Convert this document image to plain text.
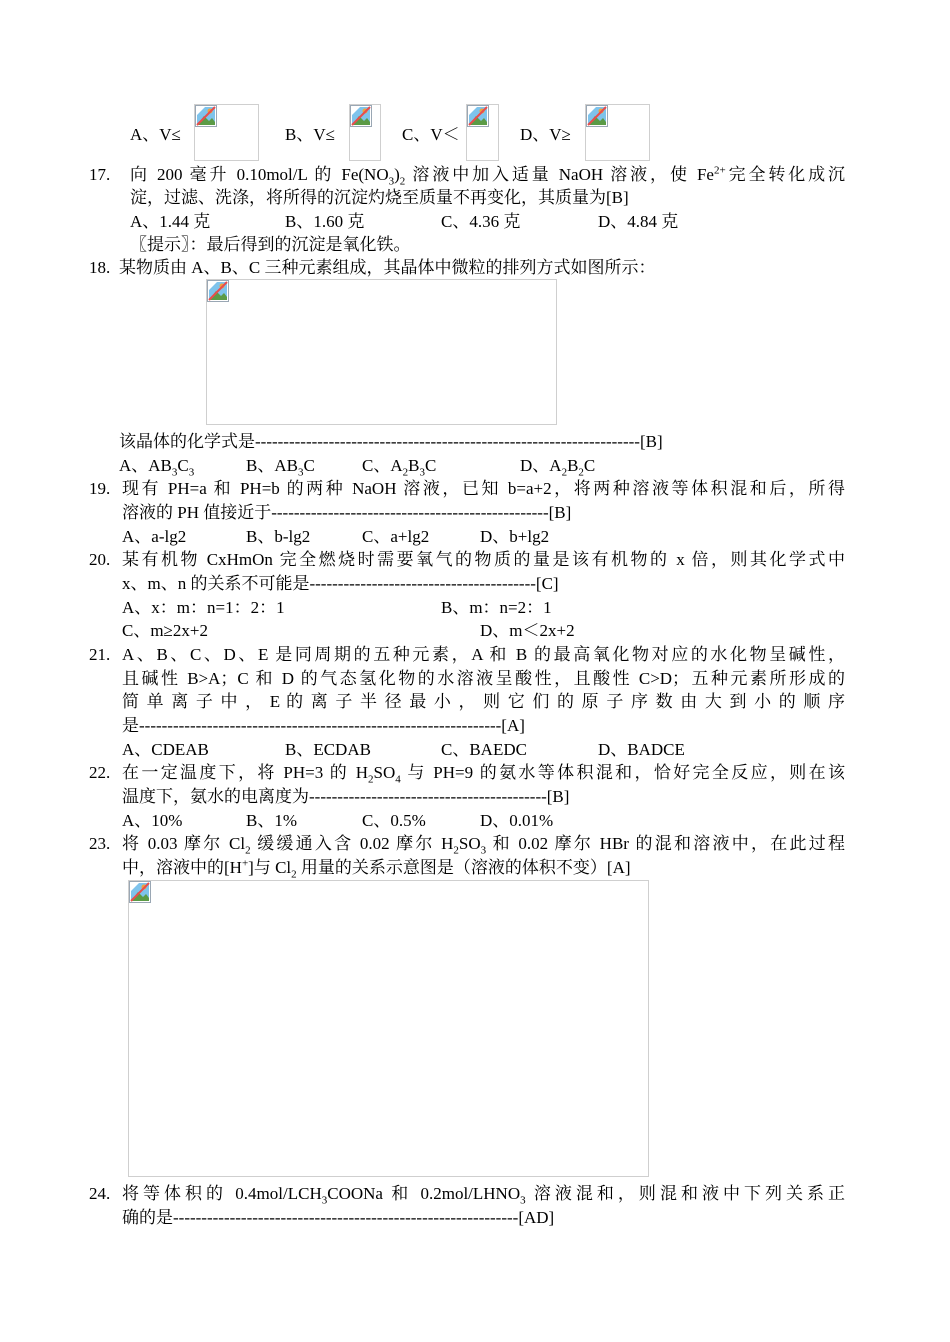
A、V≤	B、V≤	C、V＜	D、V≥
17. 向 200 毫升 0.10mol/L 的 $Fe(NO_3)_2$ 溶液中加入适量 NaOH 溶液，使 $Fe^{2+}$完全转化成沉
淀，过滤、洗涤，将所得的沉淀灼烧至质量不再变化，其质量为[B]
A、1.44 克	B、1.60 克	C、4.36 克	D、4.84 克
〖提示〗：最后得到的沉淀是氧化铁。
18. 某物质由 A、B、C 三种元素组成，其晶体中微粒的排列方式如图所示：
该晶体的化学式是--------------------------------------------------------------------[B]
A、$AB_3C_3$	B、$AB_3C$	C、$A_2B_3C$	D、$A_2B_2C$
19. 现有 PH=a 和 PH=b 的两种 NaOH 溶液，已知 b=a+2，将两种溶液等体积混和后，所得
溶液的 PH 值接近于-------------------------------------------------[B]
A、a-lg2	B、b-lg2	C、a+lg2	D、b+lg2
20. 某有机物 CxHmOn 完全燃烧时需要氧气的物质的量是该有机物的 x 倍，则其化学式中
x、m、n 的关系不可能是----------------------------------------[C]
A、x：m：n=1：2：1	B、m：n=2：1
C、m≥2x+2	D、m＜2x+2
21. A、B、C、D、E 是同周期的五种元素，A 和 B 的最高氧化物对应的水化物呈碱性，
且碱性 B>A；C 和 D 的气态氢化物的水溶液呈酸性，且酸性 C>D；五种元素所形成的
简 单 离 子 中 ， E 的 离 子 半 径 最 小 ， 则 它 们 的 原 子 序 数 由 大 到 小 的 顺 序
是----------------------------------------------------------------[A]
A、CDEAB	B、ECDAB	C、BAEDC	D、BADCE
22. 在一定温度下，将 PH=3 的 $H_2SO_4$ 与 PH=9 的氨水等体积混和，恰好完全反应，则在该
温度下，氨水的电离度为------------------------------------------[B]
A、10%	B、1%	C、0.5%	D、0.01%
23. 将 0.03 摩尔 $Cl_2$ 缓缓通入含 0.02 摩尔 $H_2SO_3$ 和 0.02 摩尔 HBr 的混和溶液中，在此过程
中，溶液中的[H+]与 $Cl_2$ 用量的关系示意图是（溶液的体积不变）[A]
24. 将等体积的 $0.4mol/LCH_3COONa$ 和 $0.2mol/LHNO_3$ 溶液混和，则混和液中下列关系正
确的是-------------------------------------------------------------[AD]
